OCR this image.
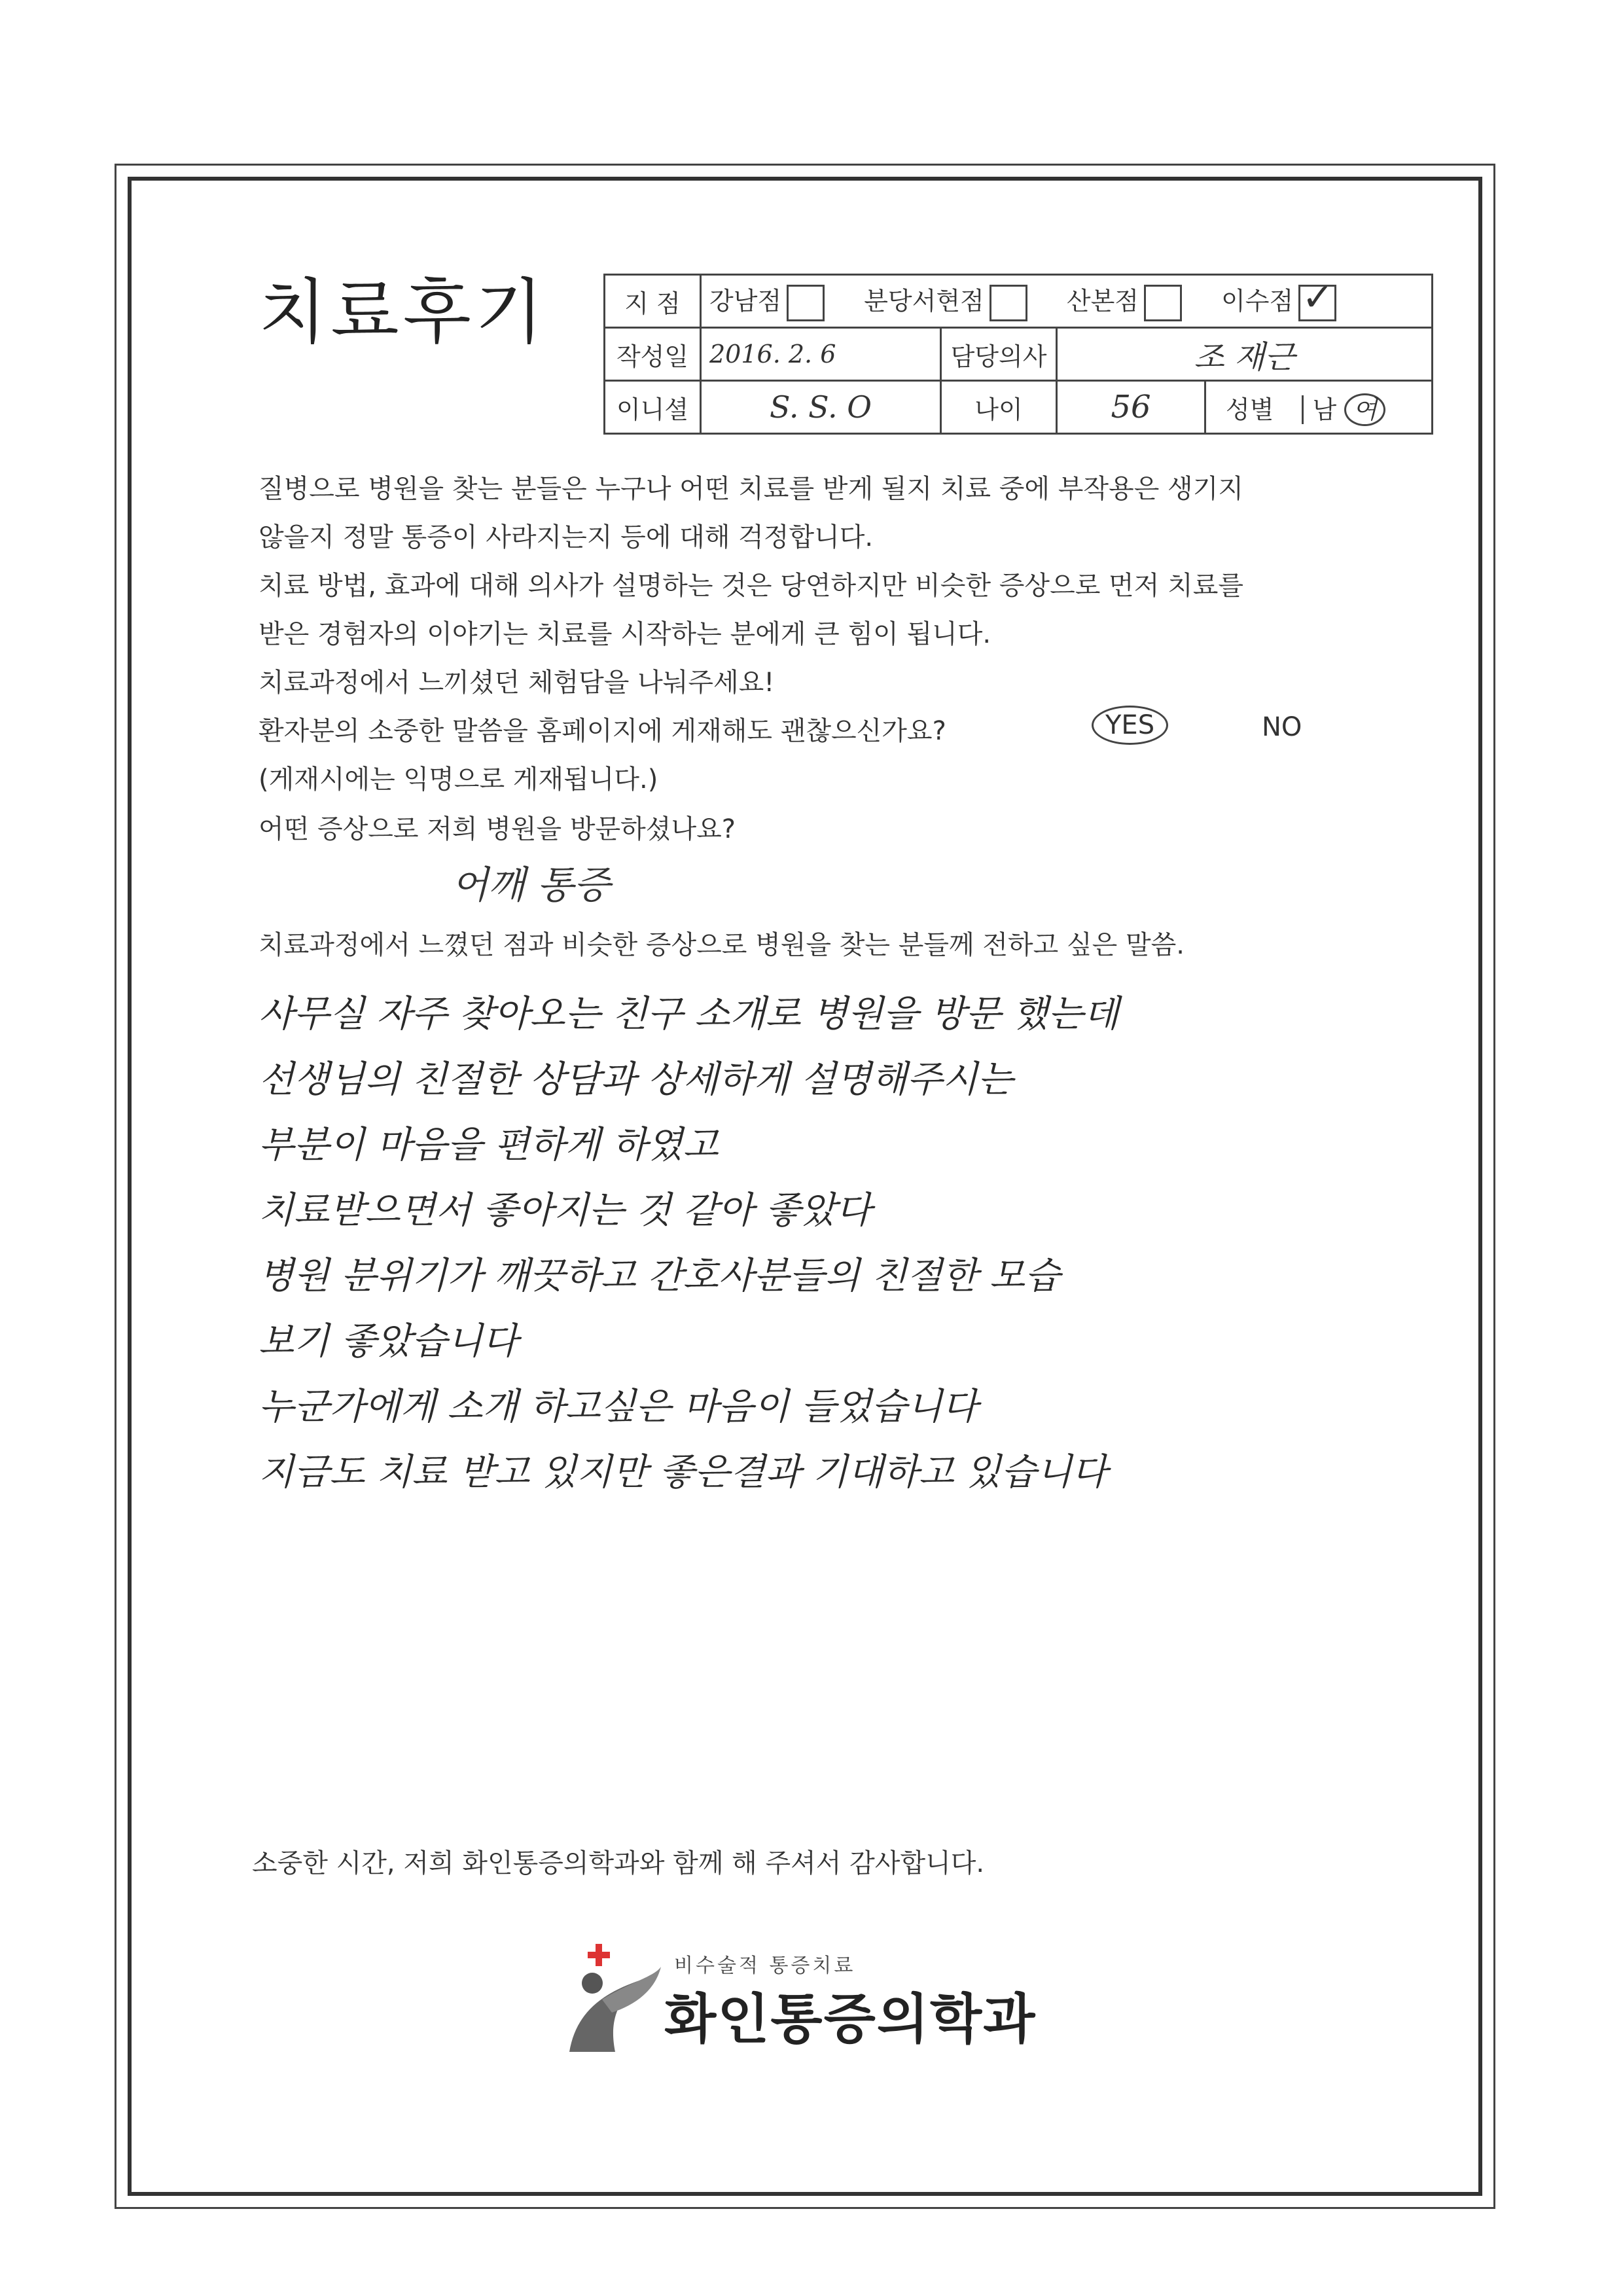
치료후기	지 점	강남점 분당서현점 산본점 이수점 ✓			

작성일	2016. 2. 6	담당의사	조 재근	
이니셜	S. S. O	나이	56	성별 남 여

질병으로 병원을 찾는 분들은 누구나 어떤 치료를 받게 될지 치료 중에 부작용은 생기지

않을지 정말 통증이 사라지는지 등에 대해 걱정합니다.

치료 방법, 효과에 대해 의사가 설명하는 것은 당연하지만 비슷한 증상으로 먼저 치료를

받은 경험자의 이야기는 치료를 시작하는 분에게 큰 힘이 됩니다.

치료과정에서 느끼셨던 체험담을 나눠주세요!

환자분의 소중한 말씀을 홈페이지에 게재해도 괜찮으신가요?

(게재시에는 익명으로 게재됩니다.)

YES	NO
어떤 증상으로 저희 병원을 방문하셨나요?
어깨 통증
치료과정에서 느꼈던 점과 비슷한 증상으로 병원을 찾는 분들께 전하고 싶은 말씀.
사무실 자주 찾아오는 친구 소개로 병원을 방문 했는데
선생님의 친절한 상담과 상세하게 설명해주시는
부분이 마음을 편하게 하였고
치료받으면서 좋아지는 것 같아 좋았다
병원 분위기가 깨끗하고 간호사분들의 친절한 모습
보기 좋았습니다
누군가에게 소개 하고싶은 마음이 들었습니다
지금도 치료 받고 있지만 좋은결과 기대하고 있습니다
소중한 시간, 저희 화인통증의학과와 함께 해 주셔서 감사합니다.
비수술적 통증치료
화인통증의학과
